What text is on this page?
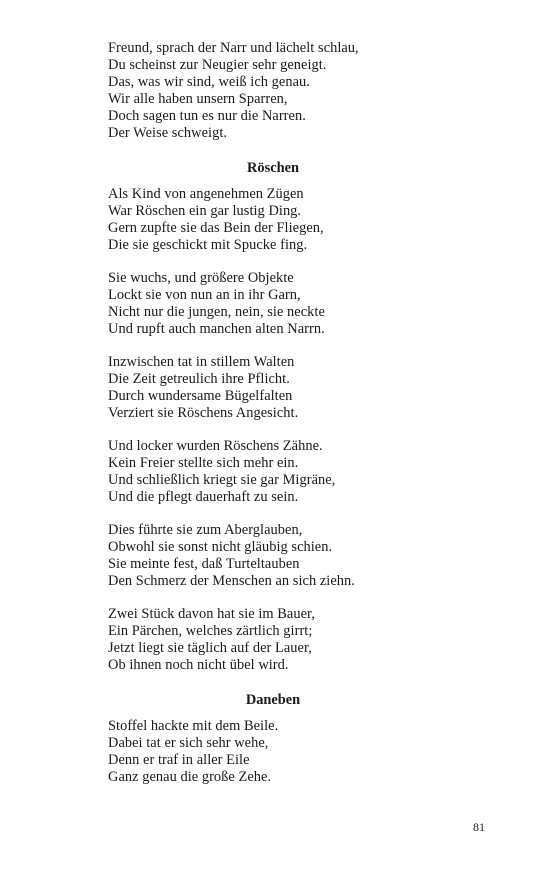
Freund, sprach der Narr und lächelt schlau,
Du scheinst zur Neugier sehr geneigt.
Das, was wir sind, weiß ich genau.
Wir alle haben unsern Sparren,
Doch sagen tun es nur die Narren.
Der Weise schweigt.
Röschen
Als Kind von angenehmen Zügen
War Röschen ein gar lustig Ding.
Gern zupfte sie das Bein der Fliegen,
Die sie geschickt mit Spucke fing.
Sie wuchs, und größere Objekte
Lockt sie von nun an in ihr Garn,
Nicht nur die jungen, nein, sie neckte
Und rupft auch manchen alten Narrn.
Inzwischen tat in stillem Walten
Die Zeit getreulich ihre Pflicht.
Durch wundersame Bügelfalten
Verziert sie Röschens Angesicht.
Und locker wurden Röschens Zähne.
Kein Freier stellte sich mehr ein.
Und schließlich kriegt sie gar Migräne,
Und die pflegt dauerhaft zu sein.
Dies führte sie zum Aberglauben,
Obwohl sie sonst nicht gläubig schien.
Sie meinte fest, daß Turteltauben
Den Schmerz der Menschen an sich ziehn.
Zwei Stück davon hat sie im Bauer,
Ein Pärchen, welches zärtlich girrt;
Jetzt liegt sie täglich auf der Lauer,
Ob ihnen noch nicht übel wird.
Daneben
Stoffel hackte mit dem Beile.
Dabei tat er sich sehr wehe,
Denn er traf in aller Eile
Ganz genau die große Zehe.
81
